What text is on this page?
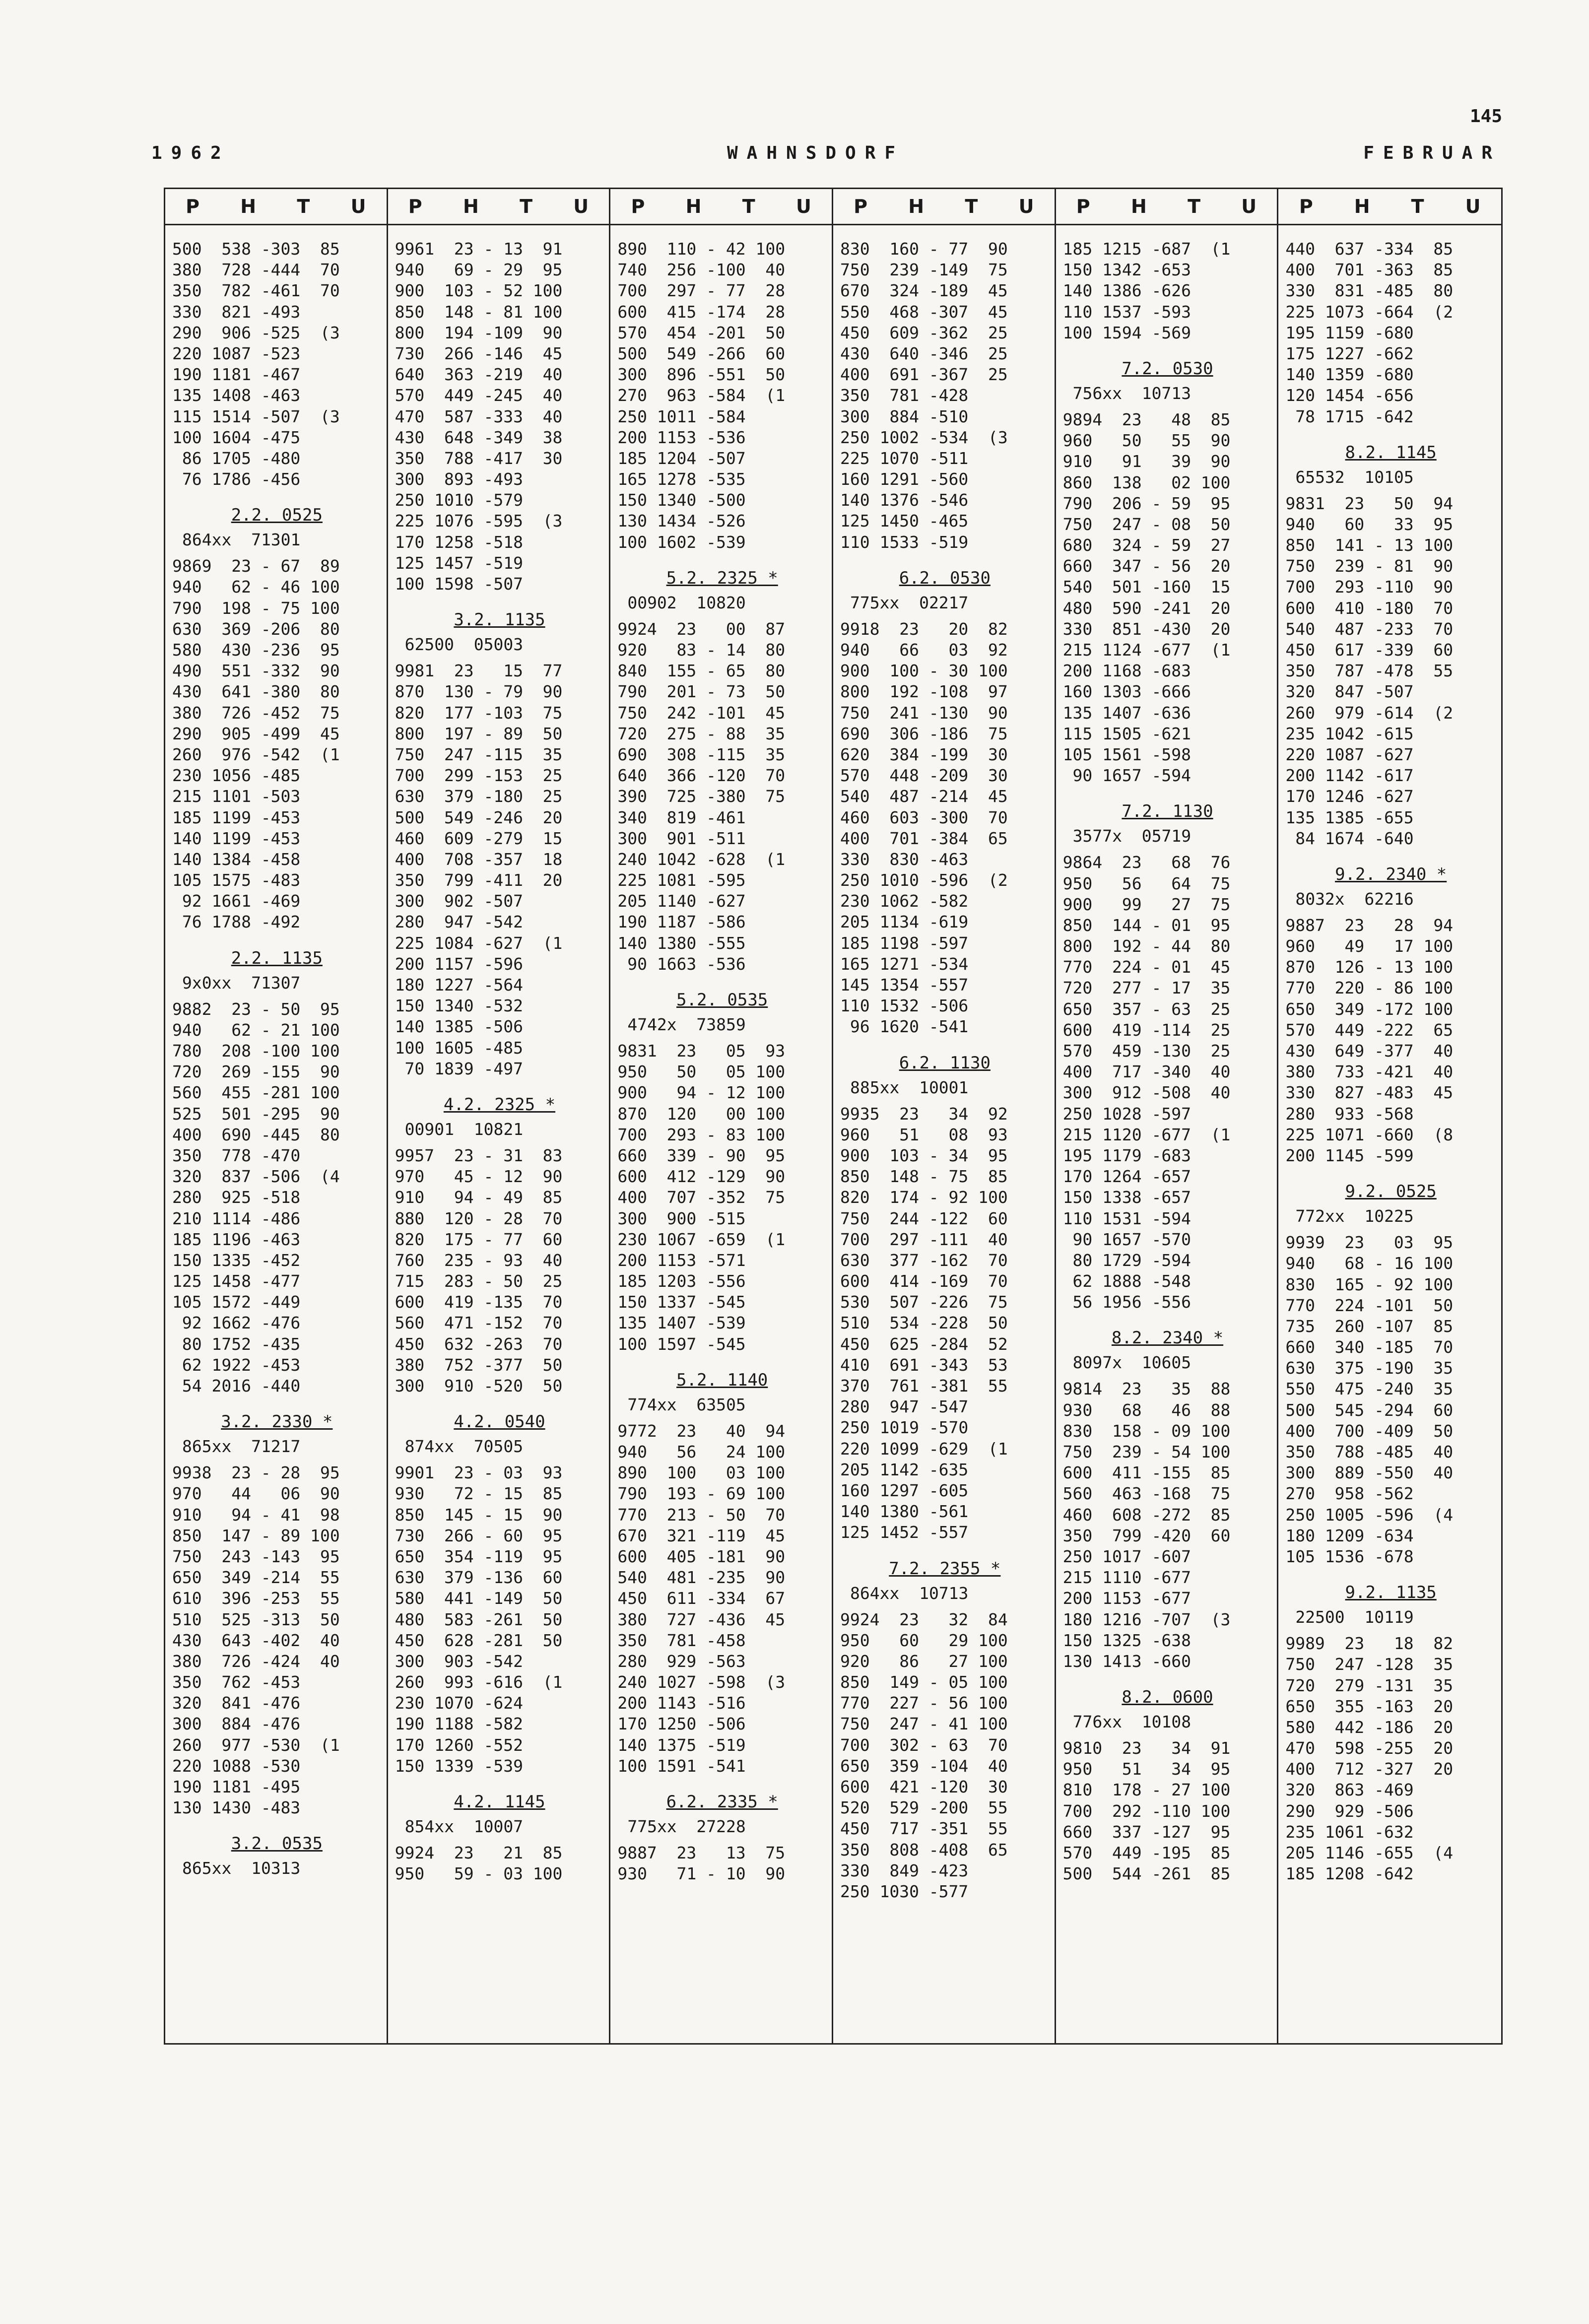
145
1962	WAHNSDORF	FEBRUAR
P H T U
500  538 -303  85
380  728 -444  70
350  782 -461  70
330  821 -493
290  906 -525  (3
220 1087 -523
190 1181 -467
135 1408 -463
115 1514 -507  (3
100 1604 -475
86 1705 -480
76 1786 -456
2.2. 0525
864xx  71301
9869  23 - 67  89
940   62 - 46 100
790  198 - 75 100
630  369 -206  80
580  430 -236  95
490  551 -332  90
430  641 -380  80
380  726 -452  75
290  905 -499  45
260  976 -542  (1
230 1056 -485
215 1101 -503
185 1199 -453
140 1199 -453
140 1384 -458
105 1575 -483
92 1661 -469
76 1788 -492
2.2. 1135
9x0xx  71307
9882  23 - 50  95
940   62 - 21 100
780  208 -100 100
720  269 -155  90
560  455 -281 100
525  501 -295  90
400  690 -445  80
350  778 -470
320  837 -506  (4
280  925 -518
210 1114 -486
185 1196 -463
150 1335 -452
125 1458 -477
105 1572 -449
92 1662 -476
80 1752 -435
62 1922 -453
54 2016 -440
3.2. 2330 *
865xx  71217
9938  23 - 28  95
970   44   06  90
910   94 - 41  98
850  147 - 89 100
750  243 -143  95
650  349 -214  55
610  396 -253  55
510  525 -313  50
430  643 -402  40
380  726 -424  40
350  762 -453
320  841 -476
300  884 -476
260  977 -530  (1
220 1088 -530
190 1181 -495
130 1430 -483
3.2. 0535
865xx  10313
P H T U
9961  23 - 13  91
940   69 - 29  95
900  103 - 52 100
850  148 - 81 100
800  194 -109  90
730  266 -146  45
640  363 -219  40
570  449 -245  40
470  587 -333  40
430  648 -349  38
350  788 -417  30
300  893 -493
250 1010 -579
225 1076 -595  (3
170 1258 -518
125 1457 -519
100 1598 -507
3.2. 1135
62500  05003
9981  23   15  77
870  130 - 79  90
820  177 -103  75
800  197 - 89  50
750  247 -115  35
700  299 -153  25
630  379 -180  25
500  549 -246  20
460  609 -279  15
400  708 -357  18
350  799 -411  20
300  902 -507
280  947 -542
225 1084 -627  (1
200 1157 -596
180 1227 -564
150 1340 -532
140 1385 -506
100 1605 -485
70 1839 -497
4.2. 2325 *
00901  10821
9957  23 - 31  83
970   45 - 12  90
910   94 - 49  85
880  120 - 28  70
820  175 - 77  60
760  235 - 93  40
715  283 - 50  25
600  419 -135  70
560  471 -152  70
450  632 -263  70
380  752 -377  50
300  910 -520  50
4.2. 0540
874xx  70505
9901  23 - 03  93
930   72 - 15  85
850  145 - 15  90
730  266 - 60  95
650  354 -119  95
630  379 -136  60
580  441 -149  50
480  583 -261  50
450  628 -281  50
300  903 -542
260  993 -616  (1
230 1070 -624
190 1188 -582
170 1260 -552
150 1339 -539
4.2. 1145
854xx  10007
9924  23   21  85
950   59 - 03 100
P H T U
890  110 - 42 100
740  256 -100  40
700  297 - 77  28
600  415 -174  28
570  454 -201  50
500  549 -266  60
300  896 -551  50
270  963 -584  (1
250 1011 -584
200 1153 -536
185 1204 -507
165 1278 -535
150 1340 -500
130 1434 -526
100 1602 -539
5.2. 2325 *
00902  10820
9924  23   00  87
920   83 - 14  80
840  155 - 65  80
790  201 - 73  50
750  242 -101  45
720  275 - 88  35
690  308 -115  35
640  366 -120  70
390  725 -380  75
340  819 -461
300  901 -511
240 1042 -628  (1
225 1081 -595
205 1140 -627
190 1187 -586
140 1380 -555
90 1663 -536
5.2. 0535
4742x  73859
9831  23   05  93
950   50   05 100
900   94 - 12 100
870  120   00 100
700  293 - 83 100
660  339 - 90  95
600  412 -129  90
400  707 -352  75
300  900 -515
230 1067 -659  (1
200 1153 -571
185 1203 -556
150 1337 -545
135 1407 -539
100 1597 -545
5.2. 1140
774xx  63505
9772  23   40  94
940   56   24 100
890  100   03 100
790  193 - 69 100
770  213 - 50  70
670  321 -119  45
600  405 -181  90
540  481 -235  90
450  611 -334  67
380  727 -436  45
350  781 -458
280  929 -563
240 1027 -598  (3
200 1143 -516
170 1250 -506
140 1375 -519
100 1591 -541
6.2. 2335 *
775xx  27228
9887  23   13  75
930   71 - 10  90
P H T U
830  160 - 77  90
750  239 -149  75
670  324 -189  45
550  468 -307  45
450  609 -362  25
430  640 -346  25
400  691 -367  25
350  781 -428
300  884 -510
250 1002 -534  (3
225 1070 -511
160 1291 -560
140 1376 -546
125 1450 -465
110 1533 -519
6.2. 0530
775xx  02217
9918  23   20  82
940   66   03  92
900  100 - 30 100
800  192 -108  97
750  241 -130  90
690  306 -186  75
620  384 -199  30
570  448 -209  30
540  487 -214  45
460  603 -300  70
400  701 -384  65
330  830 -463
250 1010 -596  (2
230 1062 -582
205 1134 -619
185 1198 -597
165 1271 -534
145 1354 -557
110 1532 -506
96 1620 -541
6.2. 1130
885xx  10001
9935  23   34  92
960   51   08  93
900  103 - 34  95
850  148 - 75  85
820  174 - 92 100
750  244 -122  60
700  297 -111  40
630  377 -162  70
600  414 -169  70
530  507 -226  75
510  534 -228  50
450  625 -284  52
410  691 -343  53
370  761 -381  55
280  947 -547
250 1019 -570
220 1099 -629  (1
205 1142 -635
160 1297 -605
140 1380 -561
125 1452 -557
7.2. 2355 *
864xx  10713
9924  23   32  84
950   60   29 100
920   86   27 100
850  149 - 05 100
770  227 - 56 100
750  247 - 41 100
700  302 - 63  70
650  359 -104  40
600  421 -120  30
520  529 -200  55
450  717 -351  55
350  808 -408  65
330  849 -423
250 1030 -577
P H T U
185 1215 -687  (1
150 1342 -653
140 1386 -626
110 1537 -593
100 1594 -569
7.2. 0530
756xx  10713
9894  23   48  85
960   50   55  90
910   91   39  90
860  138   02 100
790  206 - 59  95
750  247 - 08  50
680  324 - 59  27
660  347 - 56  20
540  501 -160  15
480  590 -241  20
330  851 -430  20
215 1124 -677  (1
200 1168 -683
160 1303 -666
135 1407 -636
115 1505 -621
105 1561 -598
90 1657 -594
7.2. 1130
3577x  05719
9864  23   68  76
950   56   64  75
900   99   27  75
850  144 - 01  95
800  192 - 44  80
770  224 - 01  45
720  277 - 17  35
650  357 - 63  25
600  419 -114  25
570  459 -130  25
400  717 -340  40
300  912 -508  40
250 1028 -597
215 1120 -677  (1
195 1179 -683
170 1264 -657
150 1338 -657
110 1531 -594
90 1657 -570
80 1729 -594
62 1888 -548
56 1956 -556
8.2. 2340 *
8097x  10605
9814  23   35  88
930   68   46  88
830  158 - 09 100
750  239 - 54 100
600  411 -155  85
560  463 -168  75
460  608 -272  85
350  799 -420  60
250 1017 -607
215 1110 -677
200 1153 -677
180 1216 -707  (3
150 1325 -638
130 1413 -660
8.2. 0600
776xx  10108
9810  23   34  91
950   51   34  95
810  178 - 27 100
700  292 -110 100
660  337 -127  95
570  449 -195  85
500  544 -261  85
P H T U
440  637 -334  85
400  701 -363  85
330  831 -485  80
225 1073 -664  (2
195 1159 -680
175 1227 -662
140 1359 -680
120 1454 -656
78 1715 -642
8.2. 1145
65532  10105
9831  23   50  94
940   60   33  95
850  141 - 13 100
750  239 - 81  90
700  293 -110  90
600  410 -180  70
540  487 -233  70
450  617 -339  60
350  787 -478  55
320  847 -507
260  979 -614  (2
235 1042 -615
220 1087 -627
200 1142 -617
170 1246 -627
135 1385 -655
84 1674 -640
9.2. 2340 *
8032x  62216
9887  23   28  94
960   49   17 100
870  126 - 13 100
770  220 - 86 100
650  349 -172 100
570  449 -222  65
430  649 -377  40
380  733 -421  40
330  827 -483  45
280  933 -568
225 1071 -660  (8
200 1145 -599
9.2. 0525
772xx  10225
9939  23   03  95
940   68 - 16 100
830  165 - 92 100
770  224 -101  50
735  260 -107  85
660  340 -185  70
630  375 -190  35
550  475 -240  35
500  545 -294  60
400  700 -409  50
350  788 -485  40
300  889 -550  40
270  958 -562
250 1005 -596  (4
180 1209 -634
105 1536 -678
9.2. 1135
22500  10119
9989  23   18  82
750  247 -128  35
720  279 -131  35
650  355 -163  20
580  442 -186  20
470  598 -255  20
400  712 -327  20
320  863 -469
290  929 -506
235 1061 -632
205 1146 -655  (4
185 1208 -642
